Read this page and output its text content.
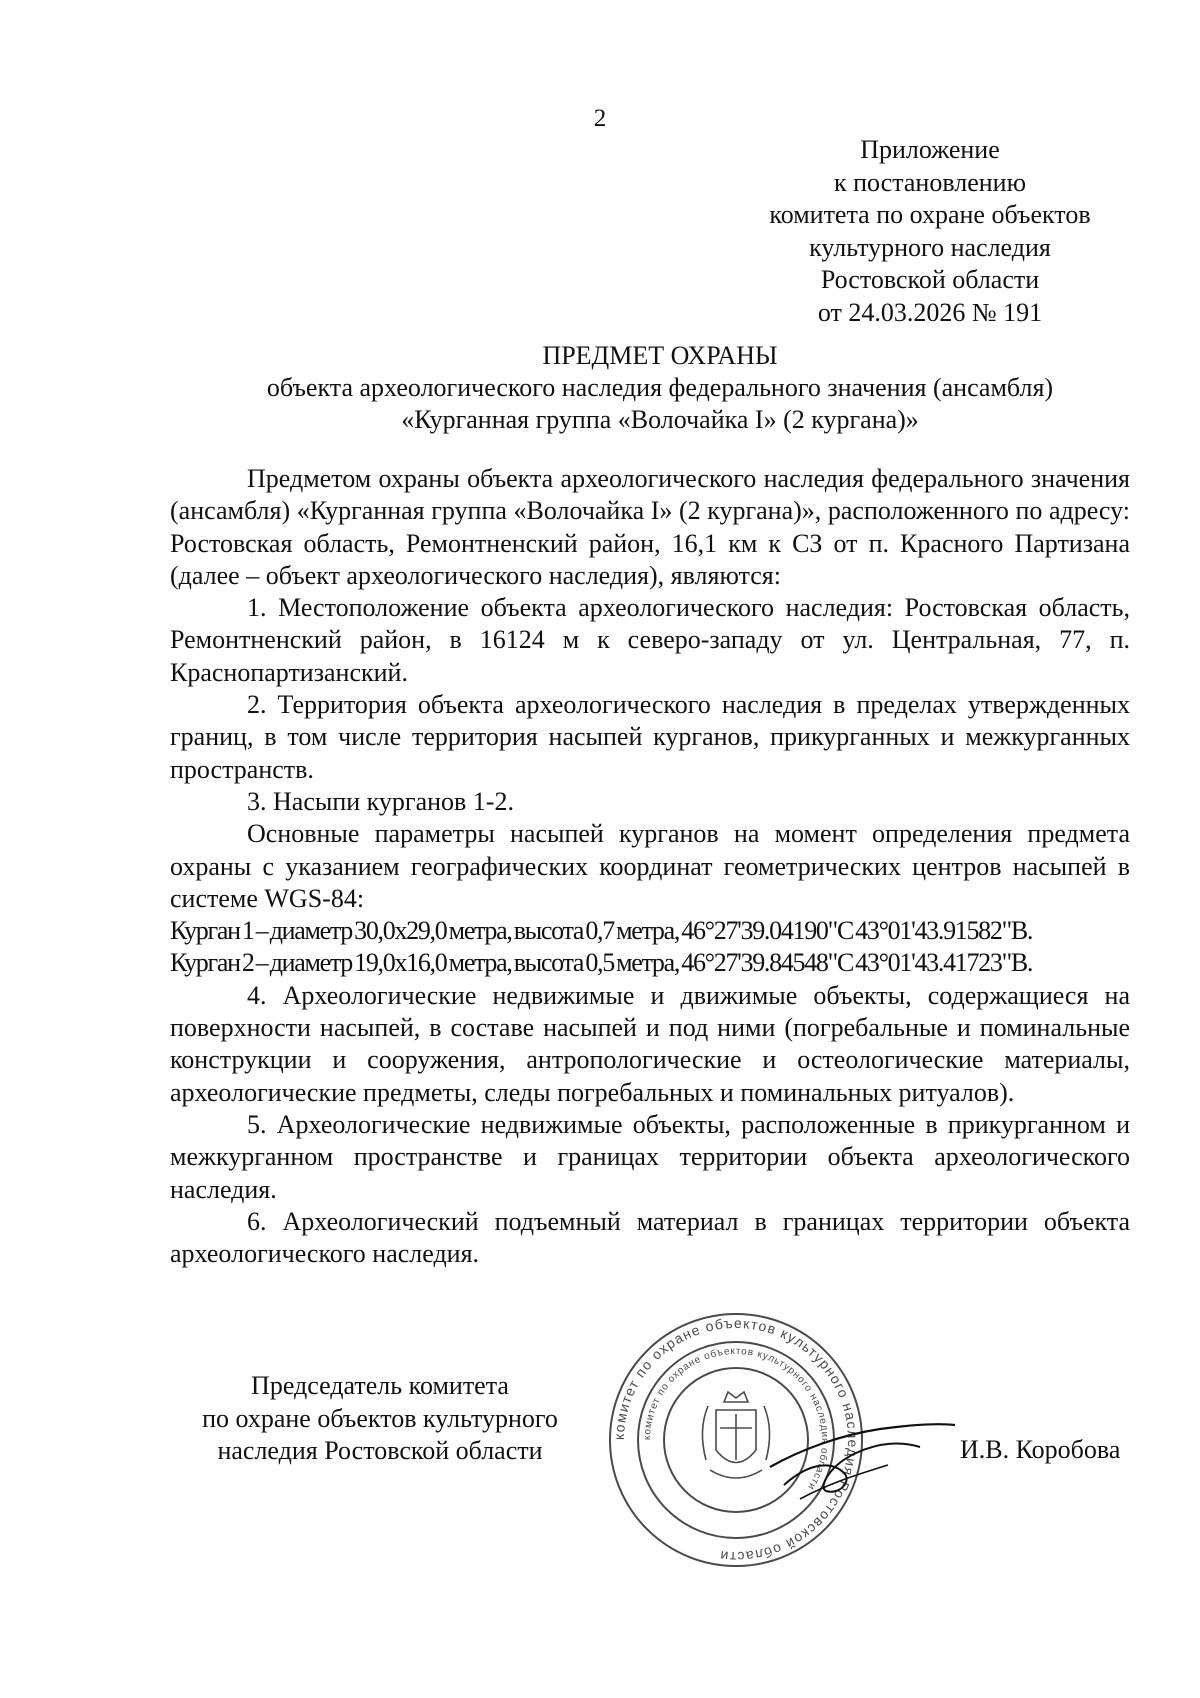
2
Приложение
к постановлению
комитета по охране объектов
культурного наследия
Ростовской области
от 24.03.2026 № 191
ПРЕДМЕТ ОХРАНЫ
объекта археологического наследия федерального значения (ансамбля)
«Курганная группа «Волочайка I» (2 кургана)»

Предметом охраны объекта археологического наследия федерального значения (ансамбля) «Курганная группа «Волочайка I» (2 кургана)», расположенного по адресу: Ростовская область, Ремонтненский район, 16,1 км к СЗ от п. Красного Партизана (далее – объект археологического наследия), являются:

1. Местоположение объекта археологического наследия: Ростовская область, Ремонтненский район, в 16124 м к северо-западу от ул. Центральная, 77, п. Краснопартизанский.

2. Территория объекта археологического наследия в пределах утвержденных границ, в том числе территория насыпей курганов, прикурганных и межкурганных пространств.

3. Насыпи курганов 1-2.

Основные параметры насыпей курганов на момент определения предмета охраны с указанием географических координат геометрических центров насыпей в системе WGS-84:

Курган 1 – диаметр 30,0x29,0 метра, высота 0,7 метра, 46°27'39.04190"С 43°01'43.91582"В.

Курган 2 – диаметр 19,0x16,0 метра, высота 0,5 метра, 46°27'39.84548"С 43°01'43.41723"В.

4. Археологические недвижимые и движимые объекты, содержащиеся на поверхности насыпей, в составе насыпей и под ними (погребальные и поминальные конструкции и сооружения, антропологические и остеологические материалы, археологические предметы, следы погребальных и поминальных ритуалов).

5. Археологические недвижимые объекты, расположенные в прикурганном и межкурганном пространстве и границах территории объекта археологического наследия.

6. Археологический подъемный материал в границах территории объекта археологического наследия.

Председатель комитета
по охране объектов культурного
наследия Ростовской области	комитет по охране объектов культурного наследия Ростовской области
комитет по охране объектов культурного наследия области
И.В. Коробова
